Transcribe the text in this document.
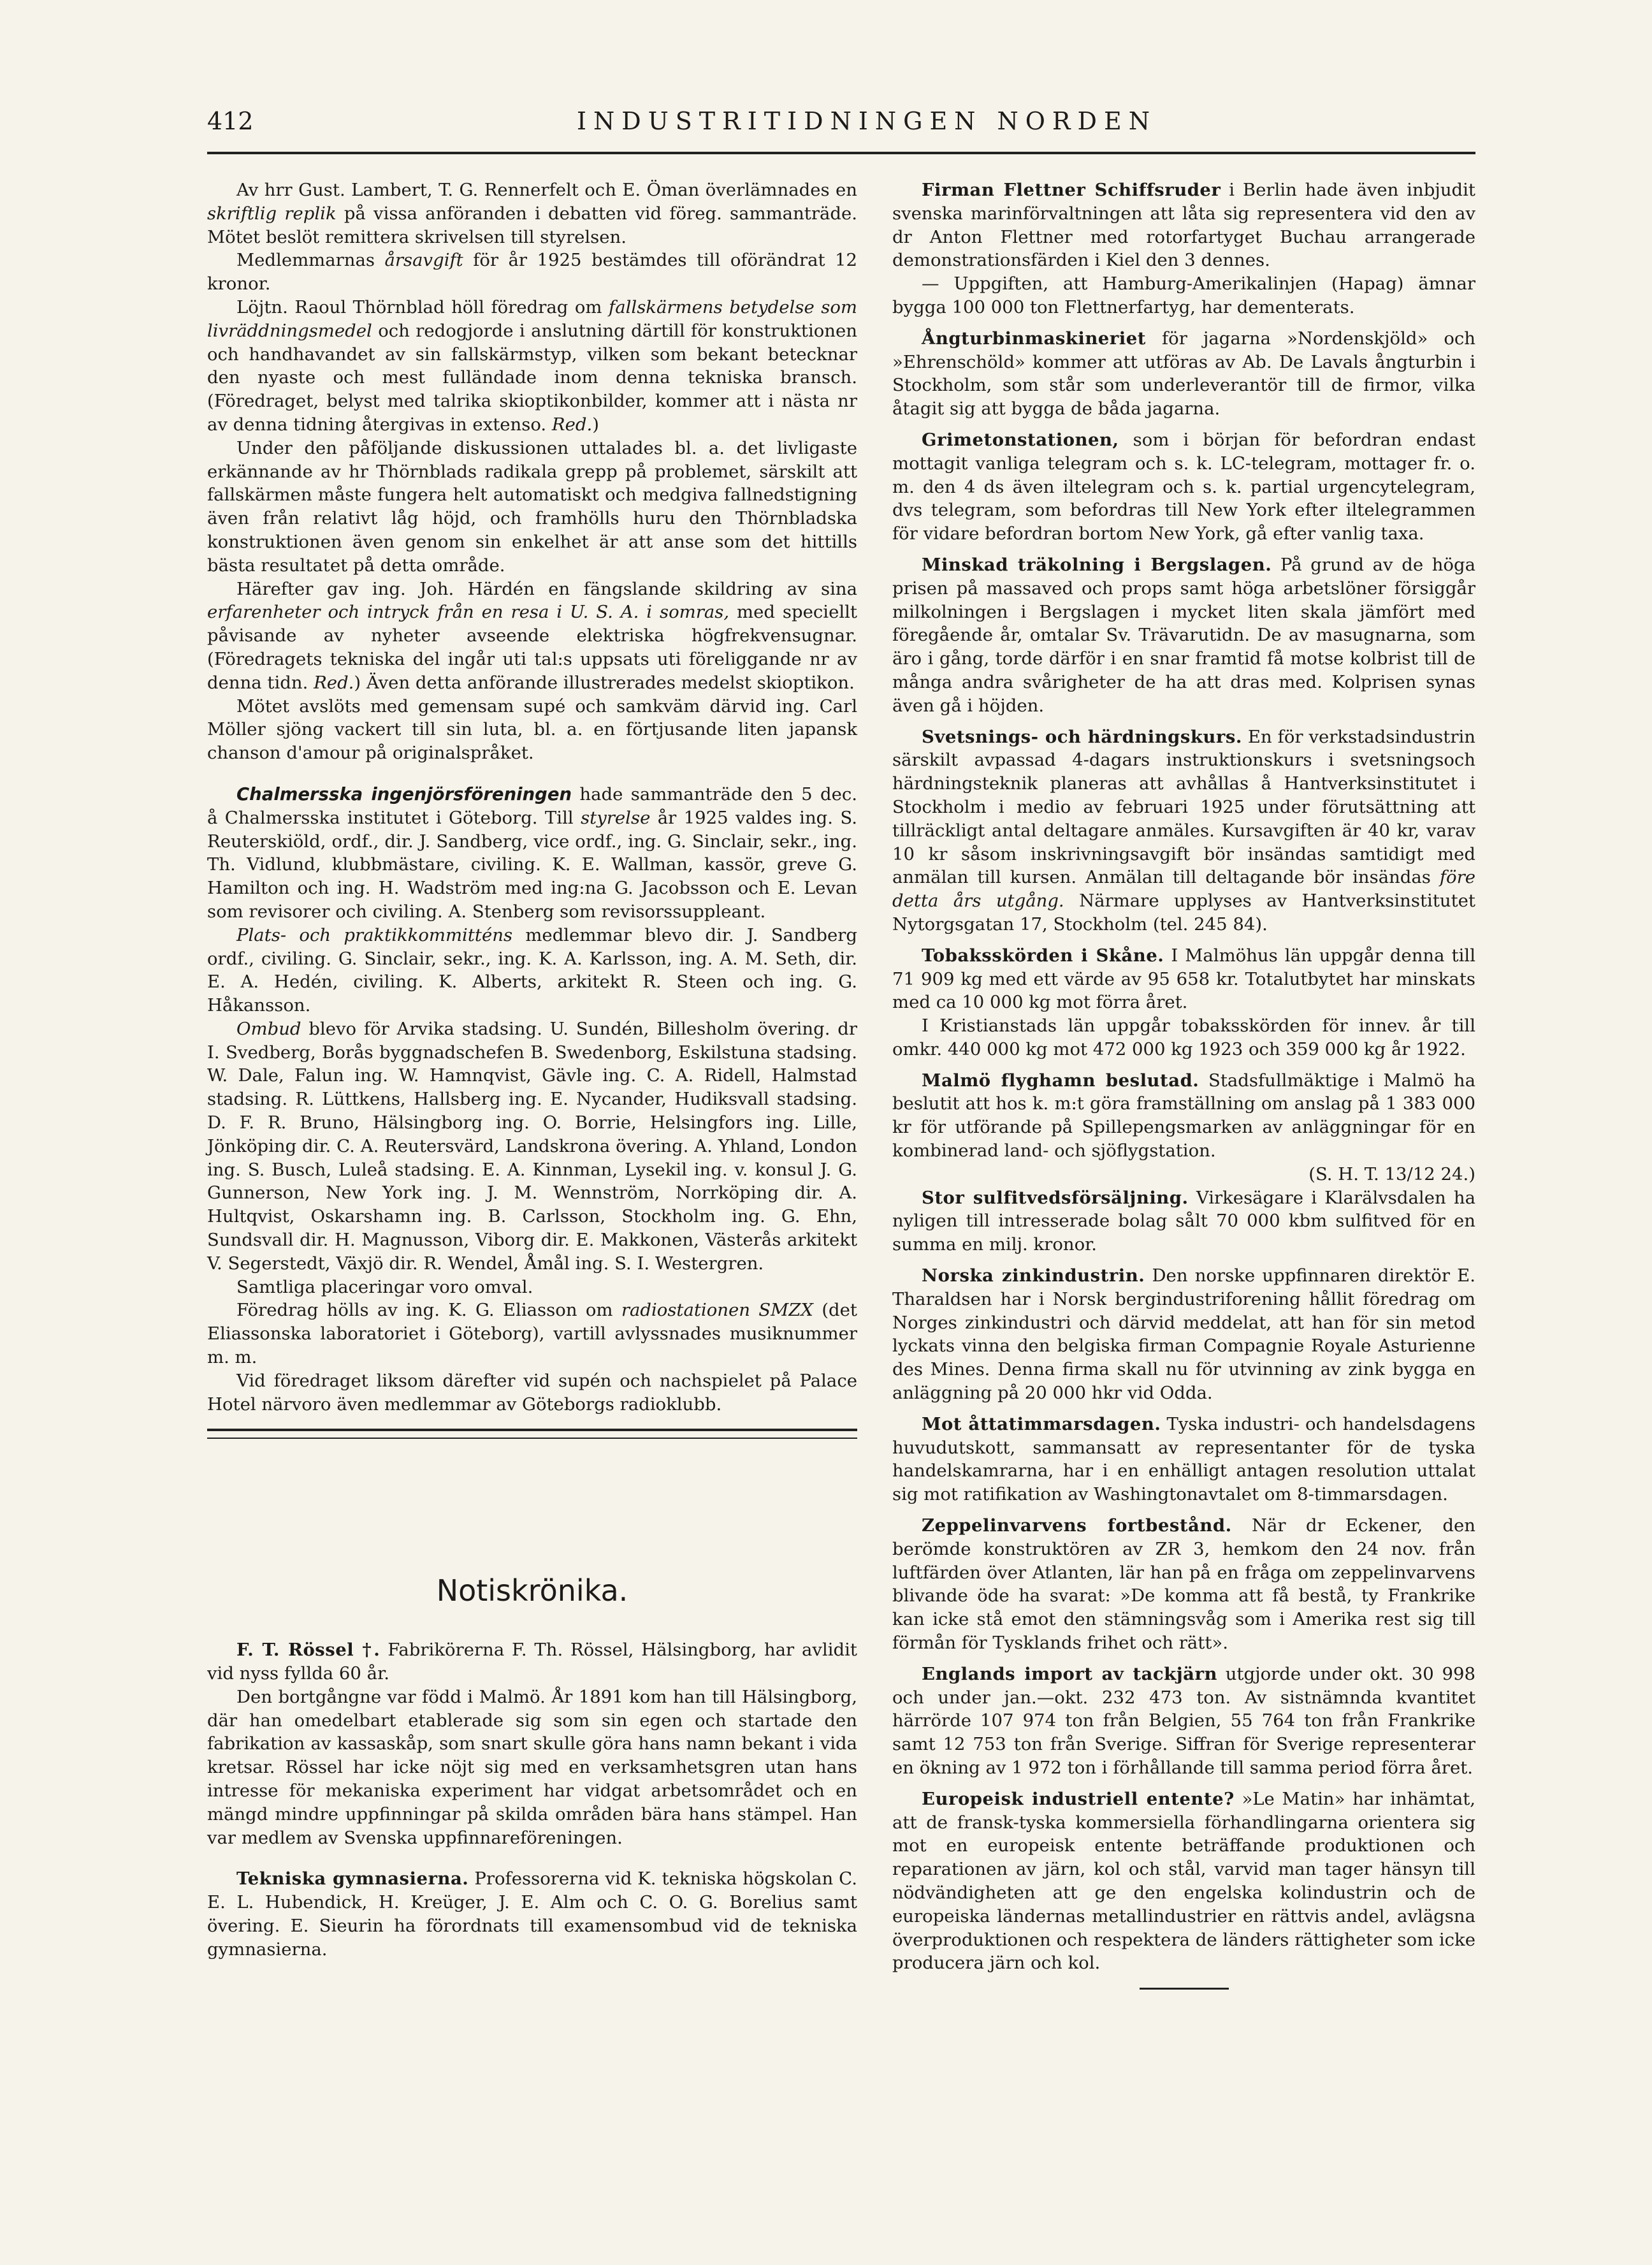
412	INDUSTRITIDNINGEN NORDEN

Av hrr Gust. Lambert, T. G. Rennerfelt och E. Öman överlämnades en skriftlig replik på vissa anföranden i debatten vid föreg. sammanträde. Mötet beslöt remittera skrivelsen till styrelsen.

Medlemmarnas årsavgift för år 1925 bestämdes till oförändrat 12 kronor.

Löjtn. Raoul Thörnblad höll föredrag om fallskärmens betydelse som livräddningsmedel och redogjorde i anslutning därtill för konstruktionen och handhavandet av sin fallskärmstyp, vilken som bekant betecknar den nyaste och mest fulländade inom denna tekniska bransch. (Föredraget, belyst med talrika skioptikonbilder, kommer att i nästa nr av denna tidning återgivas in extenso. Red.)

Under den påföljande diskussionen uttalades bl. a. det livligaste erkännande av hr Thörnblads radikala grepp på problemet, särskilt att fallskärmen måste fungera helt automatiskt och medgiva fallnedstigning även från relativt låg höjd, och framhölls huru den Thörnbladska konstruktionen även genom sin enkelhet är att anse som det hittills bästa resultatet på detta område.

Härefter gav ing. Joh. Härdén en fängslande skildring av sina erfarenheter och intryck från en resa i U. S. A. i somras, med speciellt påvisande av nyheter avseende elektriska högfrekvensugnar. (Föredragets tekniska del ingår uti tal:s uppsats uti föreliggande nr av denna tidn. Red.) Även detta anförande illustrerades medelst skioptikon.

Mötet avslöts med gemensam supé och samkväm därvid ing. Carl Möller sjöng vackert till sin luta, bl. a. en förtjusande liten japansk chanson d'amour på originalspråket.

Chalmersska ingenjörsföreningen hade sammanträde den 5 dec. å Chalmersska institutet i Göteborg. Till styrelse år 1925 valdes ing. S. Reuterskiöld, ordf., dir. J. Sandberg, vice ordf., ing. G. Sinclair, sekr., ing. Th. Vidlund, klubbmästare, civiling. K. E. Wallman, kassör, greve G. Hamilton och ing. H. Wadström med ing:na G. Jacobsson och E. Levan som revisorer och civiling. A. Stenberg som revisorssuppleant.

Plats- och praktikkommitténs medlemmar blevo dir. J. Sandberg ordf., civiling. G. Sinclair, sekr., ing. K. A. Karlsson, ing. A. M. Seth, dir. E. A. Hedén, civiling. K. Alberts, arkitekt R. Steen och ing. G. Håkansson.

Ombud blevo för Arvika stadsing. U. Sundén, Billesholm övering. dr I. Svedberg, Borås byggnadschefen B. Swedenborg, Eskilstuna stadsing. W. Dale, Falun ing. W. Hamnqvist, Gävle ing. C. A. Ridell, Halmstad stadsing. R. Lüttkens, Hallsberg ing. E. Nycander, Hudiksvall stadsing. D. F. R. Bruno, Hälsingborg ing. O. Borrie, Helsingfors ing. Lille, Jönköping dir. C. A. Reutersvärd, Landskrona övering. A. Yhland, London ing. S. Busch, Luleå stadsing. E. A. Kinnman, Lysekil ing. v. konsul J. G. Gunnerson, New York ing. J. M. Wennström, Norrköping dir. A. Hultqvist, Oskarshamn ing. B. Carlsson, Stockholm ing. G. Ehn, Sundsvall dir. H. Magnusson, Viborg dir. E. Makkonen, Västerås arkitekt V. Segerstedt, Växjö dir. R. Wendel, Åmål ing. S. I. Westergren.

Samtliga placeringar voro omval.

Föredrag hölls av ing. K. G. Eliasson om radiostationen SMZX (det Eliassonska laboratoriet i Göteborg), vartill avlyssnades musiknummer m. m.

Vid föredraget liksom därefter vid supén och nachspielet på Palace Hotel närvoro även medlemmar av Göteborgs radioklubb.

Notiskrönika.

F. T. Rössel †. Fabrikörerna F. Th. Rössel, Hälsingborg, har avlidit vid nyss fyllda 60 år.

Den bortgångne var född i Malmö. År 1891 kom han till Hälsingborg, där han omedelbart etablerade sig som sin egen och startade den fabrikation av kassaskåp, som snart skulle göra hans namn bekant i vida kretsar. Rössel har icke nöjt sig med en verksamhetsgren utan hans intresse för mekaniska experiment har vidgat arbetsområdet och en mängd mindre uppfinningar på skilda områden bära hans stämpel. Han var medlem av Svenska uppfinnareföreningen.

Tekniska gymnasierna. Professorerna vid K. tekniska högskolan C. E. L. Hubendick, H. Kreüger, J. E. Alm och C. O. G. Borelius samt övering. E. Sieurin ha förordnats till examensombud vid de tekniska gymnasierna.

Firman Flettner Schiffsruder i Berlin hade även inbjudit svenska marinförvaltningen att låta sig representera vid den av dr Anton Flettner med rotorfartyget Buchau arrangerade demonstrationsfärden i Kiel den 3 dennes.

— Uppgiften, att Hamburg-Amerikalinjen (Hapag) ämnar bygga 100 000 ton Flettnerfartyg, har dementerats.

Ångturbinmaskineriet för jagarna »Nordenskjöld» och »Ehrenschöld» kommer att utföras av Ab. De Lavals ångturbin i Stockholm, som står som underleverantör till de firmor, vilka åtagit sig att bygga de båda jagarna.

Grimetonstationen, som i början för befordran endast mottagit vanliga telegram och s. k. LC-telegram, mottager fr. o. m. den 4 ds även iltelegram och s. k. partial urgencytelegram, dvs telegram, som befordras till New York efter iltelegrammen för vidare befordran bortom New York, gå efter vanlig taxa.

Minskad träkolning i Bergslagen. På grund av de höga prisen på massaved och props samt höga arbetslöner försiggår milkolningen i Bergslagen i mycket liten skala jämfört med föregående år, omtalar Sv. Trävarutidn. De av masugnarna, som äro i gång, torde därför i en snar framtid få motse kolbrist till de många andra svårigheter de ha att dras med. Kolprisen synas även gå i höjden.

Svetsnings- och härdningskurs. En för verkstadsindustrin särskilt avpassad 4-dagars instruktionskurs i svetsningsoch härdningsteknik planeras att avhållas å Hantverksinstitutet i Stockholm i medio av februari 1925 under förutsättning att tillräckligt antal deltagare anmäles. Kursavgiften är 40 kr, varav 10 kr såsom inskrivningsavgift bör insändas samtidigt med anmälan till kursen. Anmälan till deltagande bör insändas före detta års utgång. Närmare upplyses av Hantverksinstitutet Nytorgsgatan 17, Stockholm (tel. 245 84).

Tobaksskörden i Skåne. I Malmöhus län uppgår denna till 71 909 kg med ett värde av 95 658 kr. Totalutbytet har minskats med ca 10 000 kg mot förra året.

I Kristianstads län uppgår tobaksskörden för innev. år till omkr. 440 000 kg mot 472 000 kg 1923 och 359 000 kg år 1922.

Malmö flyghamn beslutad. Stadsfullmäktige i Malmö ha beslutit att hos k. m:t göra framställning om anslag på 1 383 000 kr för utförande på Spillepengsmarken av anläggningar för en kombinerad land- och sjöflygstation.

(S. H. T. 13/12 24.)

Stor sulfitvedsförsäljning. Virkesägare i Klarälvsdalen ha nyligen till intresserade bolag sålt 70 000 kbm sulfitved för en summa en milj. kronor.

Norska zinkindustrin. Den norske uppfinnaren direktör E. Tharaldsen har i Norsk bergindustriforening hållit föredrag om Norges zinkindustri och därvid meddelat, att han för sin metod lyckats vinna den belgiska firman Compagnie Royale Asturienne des Mines. Denna firma skall nu för utvinning av zink bygga en anläggning på 20 000 hkr vid Odda.

Mot åttatimmarsdagen. Tyska industri- och handelsdagens huvudutskott, sammansatt av representanter för de tyska handelskamrarna, har i en enhälligt antagen resolution uttalat sig mot ratifikation av Washingtonavtalet om 8-timmarsdagen.

Zeppelinvarvens fortbestånd. När dr Eckener, den berömde konstruktören av ZR 3, hemkom den 24 nov. från luftfärden över Atlanten, lär han på en fråga om zeppelinvarvens blivande öde ha svarat: »De komma att få bestå, ty Frankrike kan icke stå emot den stämningsvåg som i Amerika rest sig till förmån för Tysklands frihet och rätt».

Englands import av tackjärn utgjorde under okt. 30 998 och under jan.—okt. 232 473 ton. Av sistnämnda kvantitet härrörde 107 974 ton från Belgien, 55 764 ton från Frankrike samt 12 753 ton från Sverige. Siffran för Sverige representerar en ökning av 1 972 ton i förhållande till samma period förra året.

Europeisk industriell entente? »Le Matin» har inhämtat, att de fransk-tyska kommersiella förhandlingarna orientera sig mot en europeisk entente beträffande produktionen och reparationen av järn, kol och stål, varvid man tager hänsyn till nödvändigheten att ge den engelska kolindustrin och de europeiska ländernas metallindustrier en rättvis andel, avlägsna överproduktionen och respektera de länders rättigheter som icke producera järn och kol.
